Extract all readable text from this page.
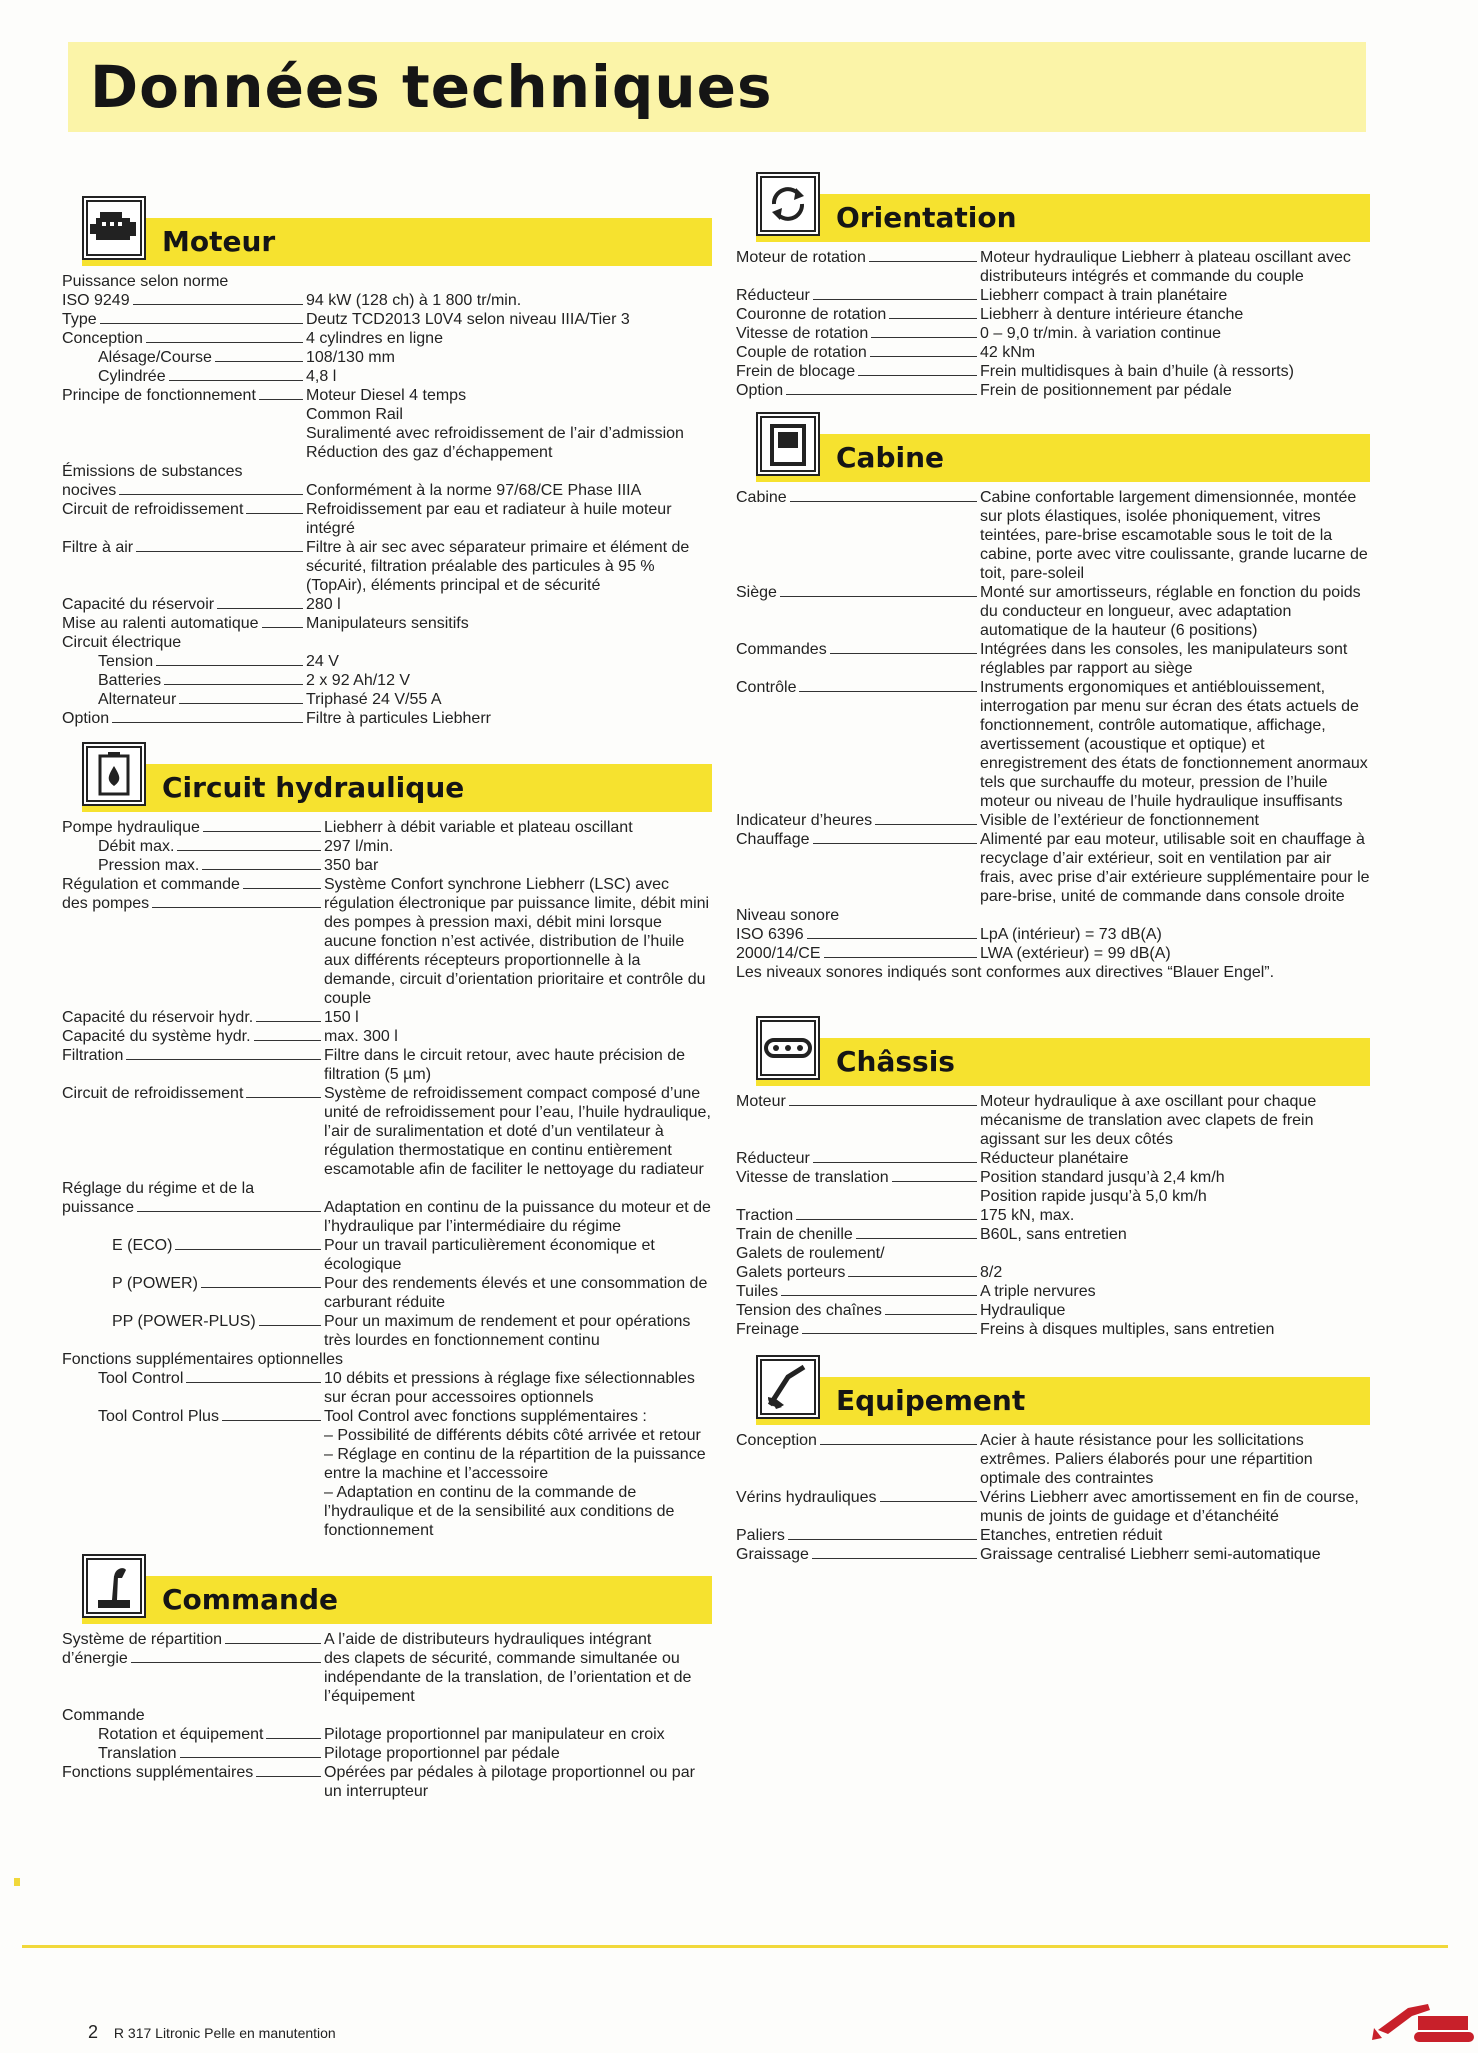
Données techniques
Moteur
Puissance selon norme
ISO 9249	94 kW (128 ch) à 1 800 tr/min.
Type	Deutz TCD2013 L0V4 selon niveau IIIA/Tier 3
Conception	4 cylindres en ligne
Alésage/Course	108/130 mm
Cylindrée	4,8 l
Principe de fonctionnement	Moteur Diesel 4 temps
Common Rail
Suralimenté avec refroidissement de l’air d’admission
Réduction des gaz d’échappement
Émissions de substances
nocives	Conformément à la norme 97/68/CE Phase IIIA
Circuit de refroidissement	Refroidissement par eau et radiateur à huile moteur intégré
Filtre à air	Filtre à air sec avec séparateur primaire et élément de sécurité, filtration préalable des particules à 95 % (TopAir), éléments principal et de sécurité
Capacité du réservoir	280 l
Mise au ralenti automatique	Manipulateurs sensitifs
Circuit électrique
Tension	24 V
Batteries	2 x 92 Ah/12 V
Alternateur	Triphasé 24 V/55 A
Option	Filtre à particules Liebherr
Circuit hydraulique
Pompe hydraulique	Liebherr à débit variable et plateau oscillant
Débit max.	297 l/min.
Pression max.	350 bar
Régulation et commande	Système Confort synchrone Liebherr (LSC) avec
des pompes	régulation électronique par puissance limite, débit mini des pompes à pression maxi, débit mini lorsque aucune fonction n’est activée, distribution de l’huile aux différents récepteurs proportionnelle à la demande, circuit d’orientation prioritaire et contrôle du couple
Capacité du réservoir hydr.	150 l
Capacité du système hydr.	max. 300 l
Filtration	Filtre dans le circuit retour, avec haute précision de filtration (5 µm)
Circuit de refroidissement	Système de refroidissement compact composé d’une unité de refroidissement pour l’eau, l’huile hydraulique, l’air de suralimentation et doté d’un ventilateur à régulation thermostatique en continu entièrement escamotable afin de faciliter le nettoyage du radiateur
Réglage du régime et de la
puissance	Adaptation en continu de la puissance du moteur et de l’hydraulique par l’intermédiaire du régime
E (ECO)	Pour un travail particulièrement économique et écologique
P (POWER)	Pour des rendements élevés et une consommation de carburant réduite
PP (POWER-PLUS)	Pour un maximum de rendement et pour opérations très lourdes en fonctionnement continu
Fonctions supplémentaires optionnelles
Tool Control	10 débits et pressions à réglage fixe sélectionnables sur écran pour accessoires optionnels
Tool Control Plus	Tool Control avec fonctions supplémentaires :
– Possibilité de différents débits côté arrivée et retour
– Réglage en continu de la répartition de la puissance entre la machine et l’accessoire
– Adaptation en continu de la commande de l’hydraulique et de la sensibilité aux conditions de fonctionnement
Commande
Système de répartition	A l’aide de distributeurs hydrauliques intégrant
d’énergie	des clapets de sécurité, commande simultanée ou indépendante de la translation, de l’orientation et de l’équipement
Commande
Rotation et équipement	Pilotage proportionnel par manipulateur en croix
Translation	Pilotage proportionnel par pédale
Fonctions supplémentaires	Opérées par pédales à pilotage proportionnel ou par un interrupteur
Orientation
Moteur de rotation	Moteur hydraulique Liebherr à plateau oscillant avec distributeurs intégrés et commande du couple
Réducteur	Liebherr compact à train planétaire
Couronne de rotation	Liebherr à denture intérieure étanche
Vitesse de rotation	0 – 9,0 tr/min. à variation continue
Couple de rotation	42 kNm
Frein de blocage	Frein multidisques à bain d’huile (à ressorts)
Option	Frein de positionnement par pédale
Cabine
Cabine	Cabine confortable largement dimensionnée, montée sur plots élastiques, isolée phoniquement, vitres teintées, pare-brise escamotable sous le toit de la cabine, porte avec vitre coulissante, grande lucarne de toit, pare-soleil
Siège	Monté sur amortisseurs, réglable en fonction du poids du conducteur en longueur, avec adaptation automatique de la hauteur (6 positions)
Commandes	Intégrées dans les consoles, les manipulateurs sont réglables par rapport au siège
Contrôle	Instruments ergonomiques et antiéblouissement, interrogation par menu sur écran des états actuels de fonctionnement, contrôle automatique, affichage, avertissement (acoustique et optique) et enregistrement des états de fonctionnement anormaux tels que surchauffe du moteur, pression de l’huile moteur ou niveau de l’huile hydraulique insuffisants
Indicateur d’heures	Visible de l’extérieur de fonctionnement
Chauffage	Alimenté par eau moteur, utilisable soit en chauffage à recyclage d’air extérieur, soit en ventilation par air frais, avec prise d’air extérieure supplémentaire pour le pare-brise, unité de commande dans console droite
Niveau sonore
ISO 6396	LpA (intérieur) = 73 dB(A)
2000/14/CE	LWA (extérieur) = 99 dB(A)
Les niveaux sonores indiqués sont conformes aux directives “Blauer Engel”.
Châssis
Moteur	Moteur hydraulique à axe oscillant pour chaque mécanisme de translation avec clapets de frein agissant sur les deux côtés
Réducteur	Réducteur planétaire
Vitesse de translation	Position standard jusqu’à 2,4 km/h
Position rapide jusqu’à 5,0 km/h
Traction	175 kN, max.
Train de chenille	B60L, sans entretien
Galets de roulement/
Galets porteurs	8/2
Tuiles	A triple nervures
Tension des chaînes	Hydraulique
Freinage	Freins à disques multiples, sans entretien
Equipement
Conception	Acier à haute résistance pour les sollicitations extrêmes. Paliers élaborés pour une répartition optimale des contraintes
Vérins hydrauliques	Vérins Liebherr avec amortissement en fin de course, munis de joints de guidage et d’étanchéité
Paliers	Etanches, entretien réduit
Graissage	Graissage centralisé Liebherr semi-automatique
2 R 317 Litronic Pelle en manutention
